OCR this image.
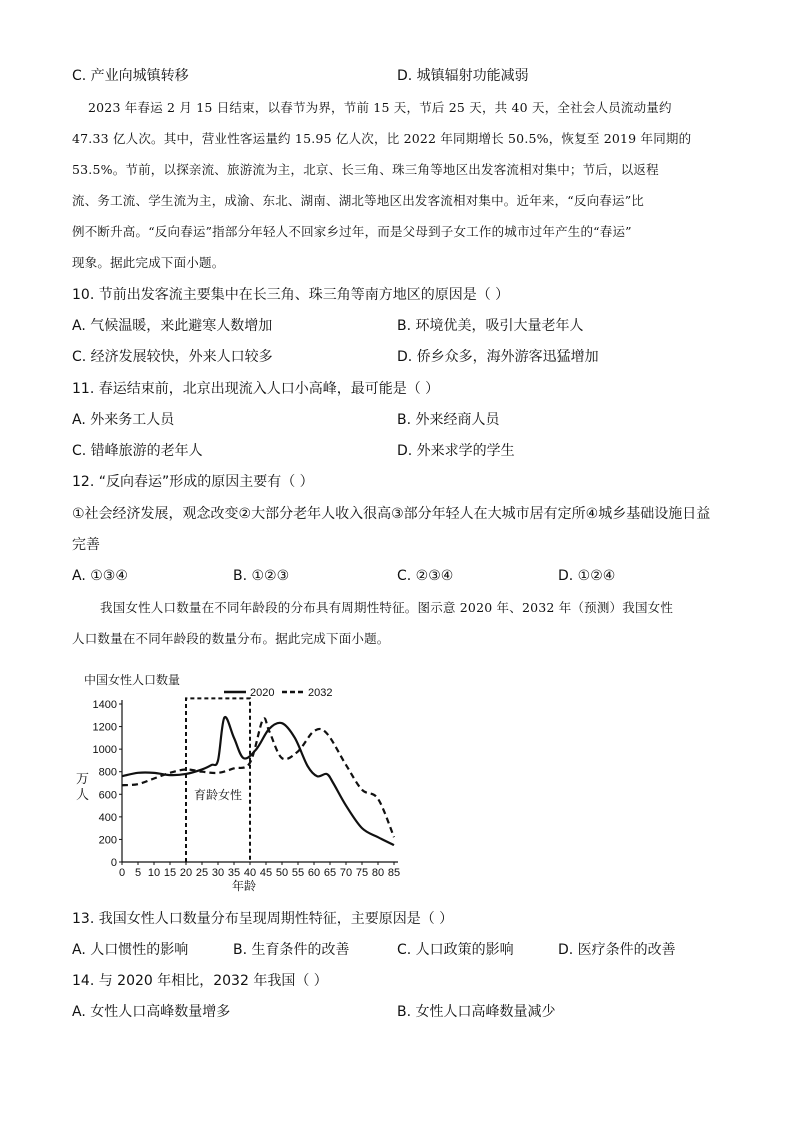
C. 产业向城镇转移	D. 城镇辐射功能减弱
2023 年春运 2 月 15 日结束，以春节为界，节前 15 天，节后 25 天，共 40 天，全社会人员流动量约
47.33 亿人次。其中，营业性客运量约 15.95 亿人次，比 2022 年同期增长 50.5%，恢复至 2019 年同期的
53.5%。节前，以探亲流、旅游流为主，北京、长三角、珠三角等地区出发客流相对集中；节后，以返程
流、务工流、学生流为主，成渝、东北、湖南、湖北等地区出发客流相对集中。近年来，“反向春运”比
例不断升高。“反向春运”指部分年轻人不回家乡过年，而是父母到子女工作的城市过年产生的“春运”
现象。据此完成下面小题。
10. 节前出发客流主要集中在长三角、珠三角等南方地区的原因是（ ）
A. 气候温暖，来此避寒人数增加	B. 环境优美，吸引大量老年人
C. 经济发展较快，外来人口较多	D. 侨乡众多，海外游客迅猛增加
11. 春运结束前，北京出现流入人口小高峰，最可能是（ ）
A. 外来务工人员	B. 外来经商人员
C. 错峰旅游的老年人	D. 外来求学的学生
12. “反向春运”形成的原因主要有（ ）
①社会经济发展，观念改变②大部分老年人收入很高③部分年轻人在大城市居有定所④城乡基础设施日益
完善
A. ①③④	B. ①②③	C. ②③④	D. ①②④
我国女性人口数量在不同年龄段的分布具有周期性特征。图示意 2020 年、2032 年（预测）我国女性
人口数量在不同年龄段的数量分布。据此完成下面小题。
中国女性人口数量
2020	2032
万
人
年龄
0
200
400
600
800
1000
1200
1400
0 5 10 15 20 25 30 35 40 45 50 55 60 65 70 75 80 85
育龄女性
13. 我国女性人口数量分布呈现周期性特征，主要原因是（ ）
A. 人口惯性的影响	B. 生育条件的改善	C. 人口政策的影响	D. 医疗条件的改善
14. 与 2020 年相比，2032 年我国（ ）
A. 女性人口高峰数量增多	B. 女性人口高峰数量减少
